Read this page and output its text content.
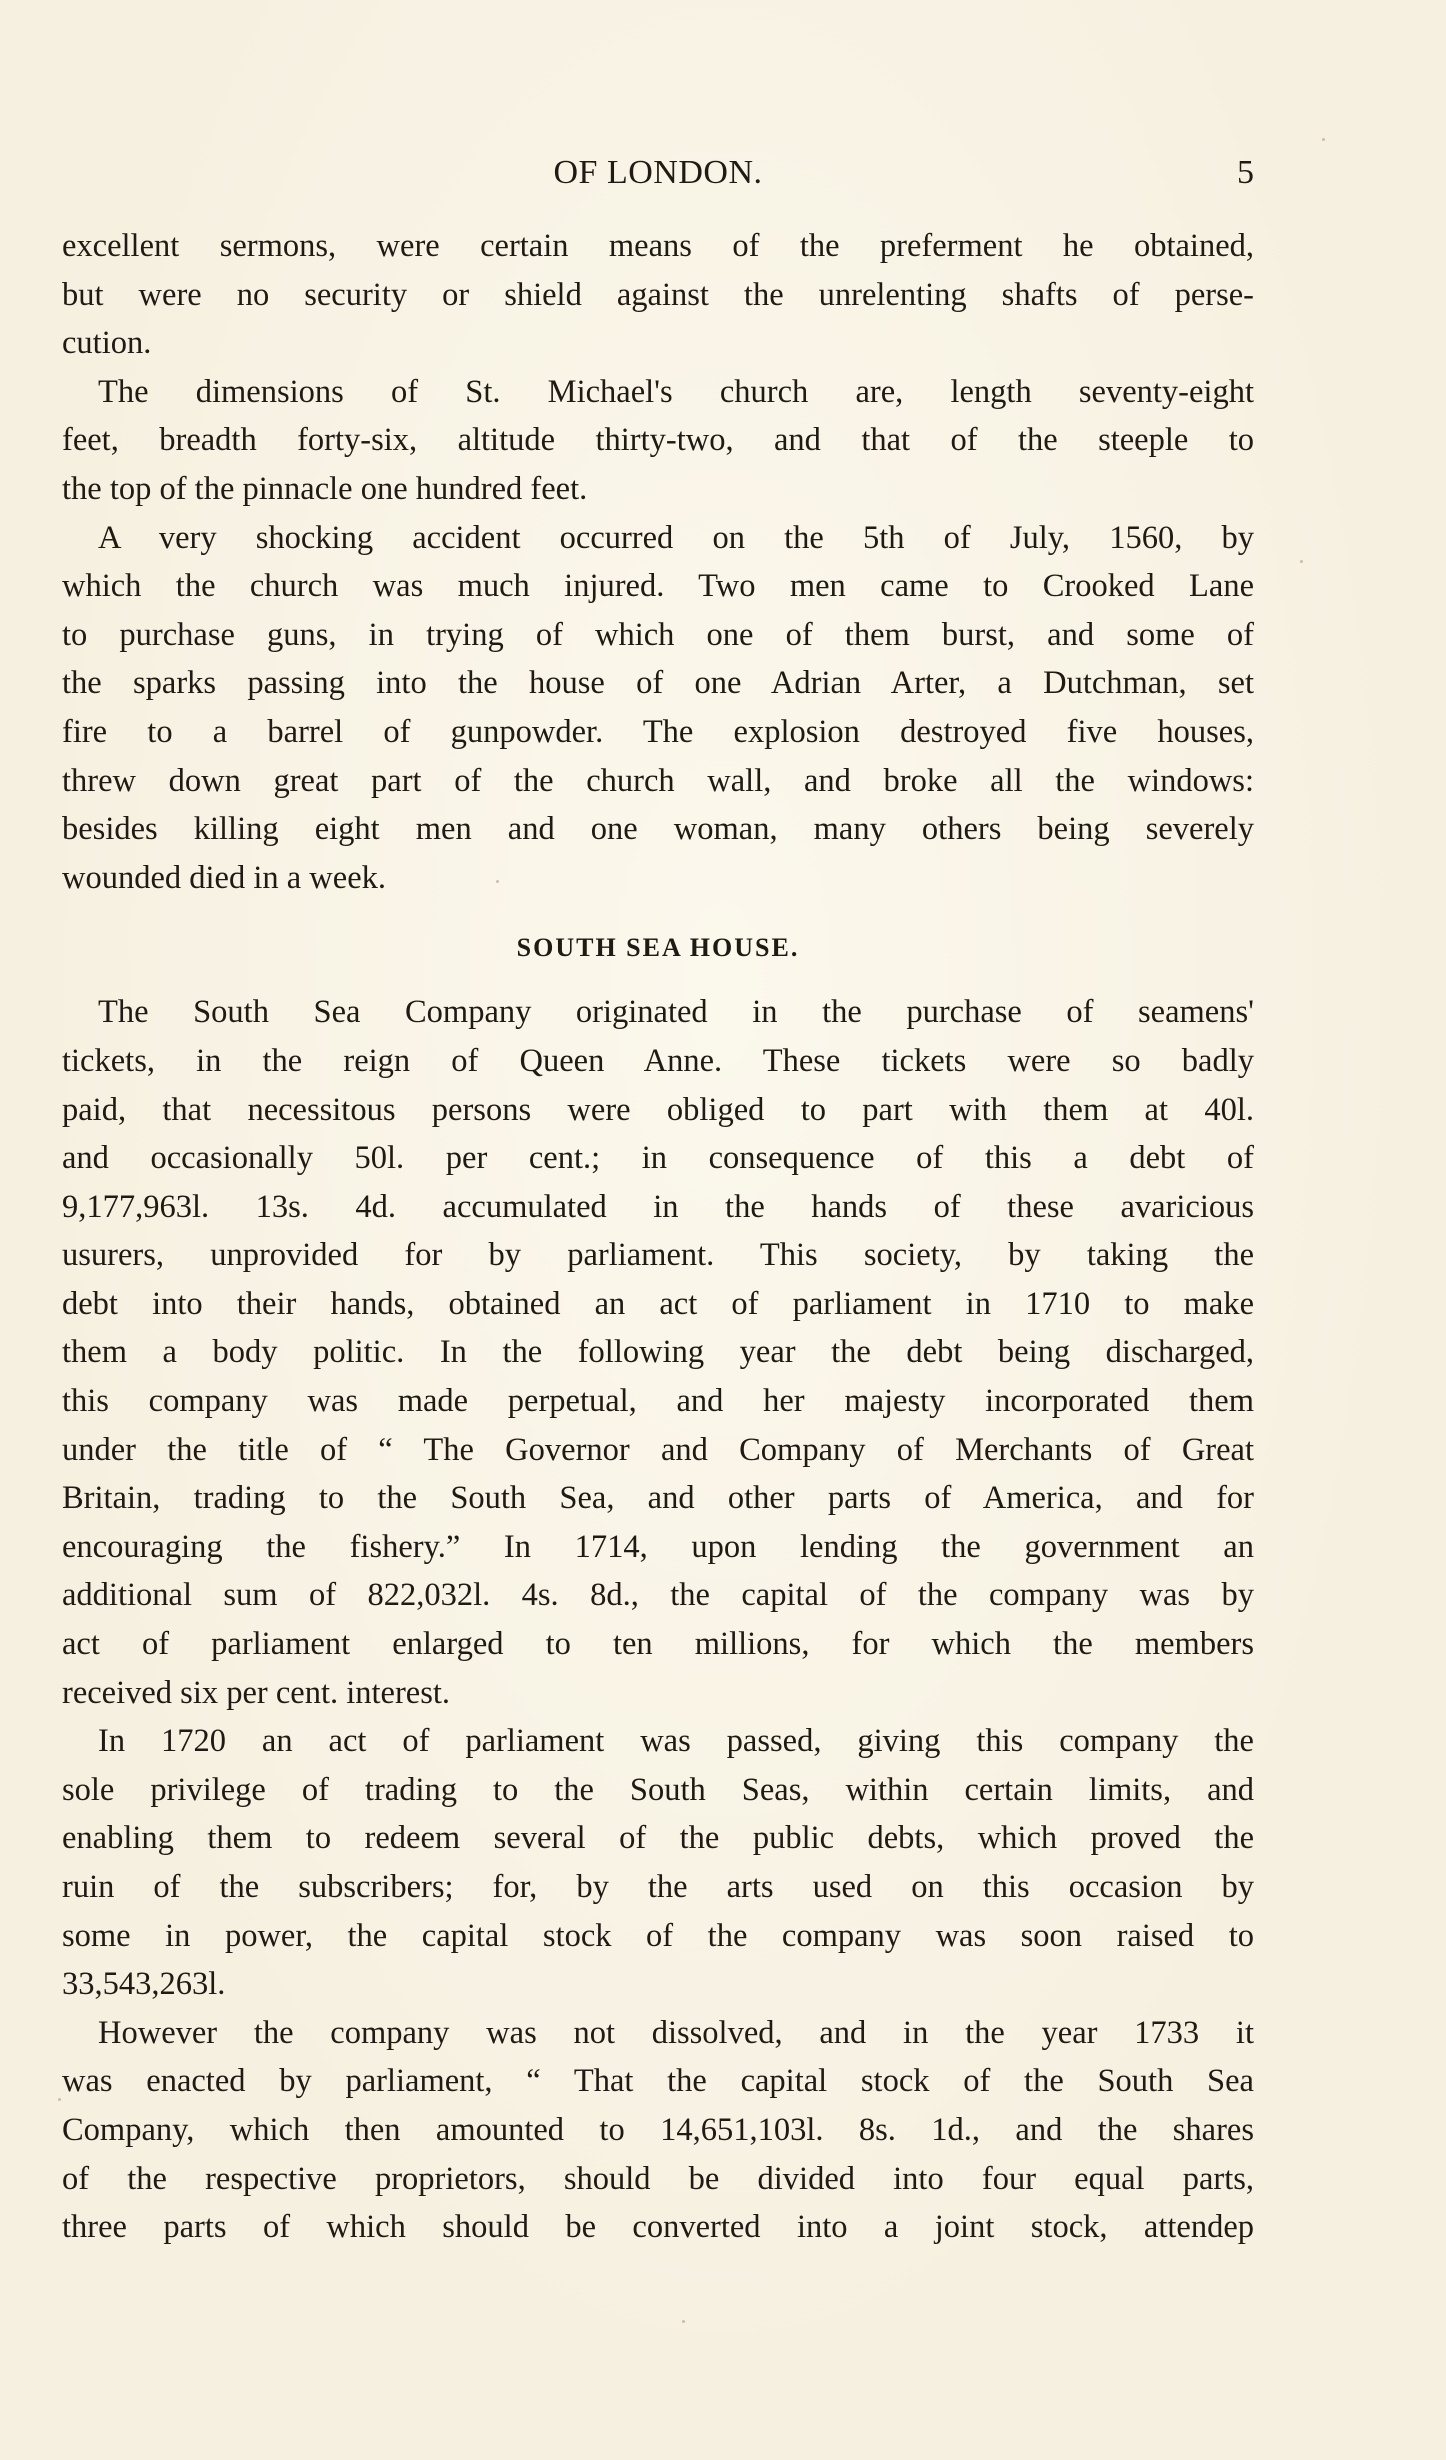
OF LONDON.	5
excellent sermons, were certain means of the preferment he obtained,
but were no security or shield against the unrelenting shafts of perse-
cution.
The dimensions of St. Michael's church are, length seventy-eight
feet, breadth forty-six, altitude thirty-two, and that of the steeple to
the top of the pinnacle one hundred feet.
A very shocking accident occurred on the 5th of July, 1560, by
which the church was much injured. Two men came to Crooked Lane
to purchase guns, in trying of which one of them burst, and some of
the sparks passing into the house of one Adrian Arter, a Dutchman, set
fire to a barrel of gunpowder. The explosion destroyed five houses,
threw down great part of the church wall, and broke all the windows:
besides killing eight men and one woman, many others being severely
wounded died in a week.
SOUTH SEA HOUSE.
The South Sea Company originated in the purchase of seamens'
tickets, in the reign of Queen Anne. These tickets were so badly
paid, that necessitous persons were obliged to part with them at 40l.
and occasionally 50l. per cent.; in consequence of this a debt of
9,177,963l. 13s. 4d. accumulated in the hands of these avaricious
usurers, unprovided for by parliament. This society, by taking the
debt into their hands, obtained an act of parliament in 1710 to make
them a body politic. In the following year the debt being discharged,
this company was made perpetual, and her majesty incorporated them
under the title of “ The Governor and Company of Merchants of Great
Britain, trading to the South Sea, and other parts of America, and for
encouraging the fishery.” In 1714, upon lending the government an
additional sum of 822,032l. 4s. 8d., the capital of the company was by
act of parliament enlarged to ten millions, for which the members
received six per cent. interest.
In 1720 an act of parliament was passed, giving this company the
sole privilege of trading to the South Seas, within certain limits, and
enabling them to redeem several of the public debts, which proved the
ruin of the subscribers; for, by the arts used on this occasion by
some in power, the capital stock of the company was soon raised to
33,543,263l.
However the company was not dissolved, and in the year 1733 it
was enacted by parliament, “ That the capital stock of the South Sea
Company, which then amounted to 14,651,103l. 8s. 1d., and the shares
of the respective proprietors, should be divided into four equal parts,
three parts of which should be converted into a joint stock, attendep
